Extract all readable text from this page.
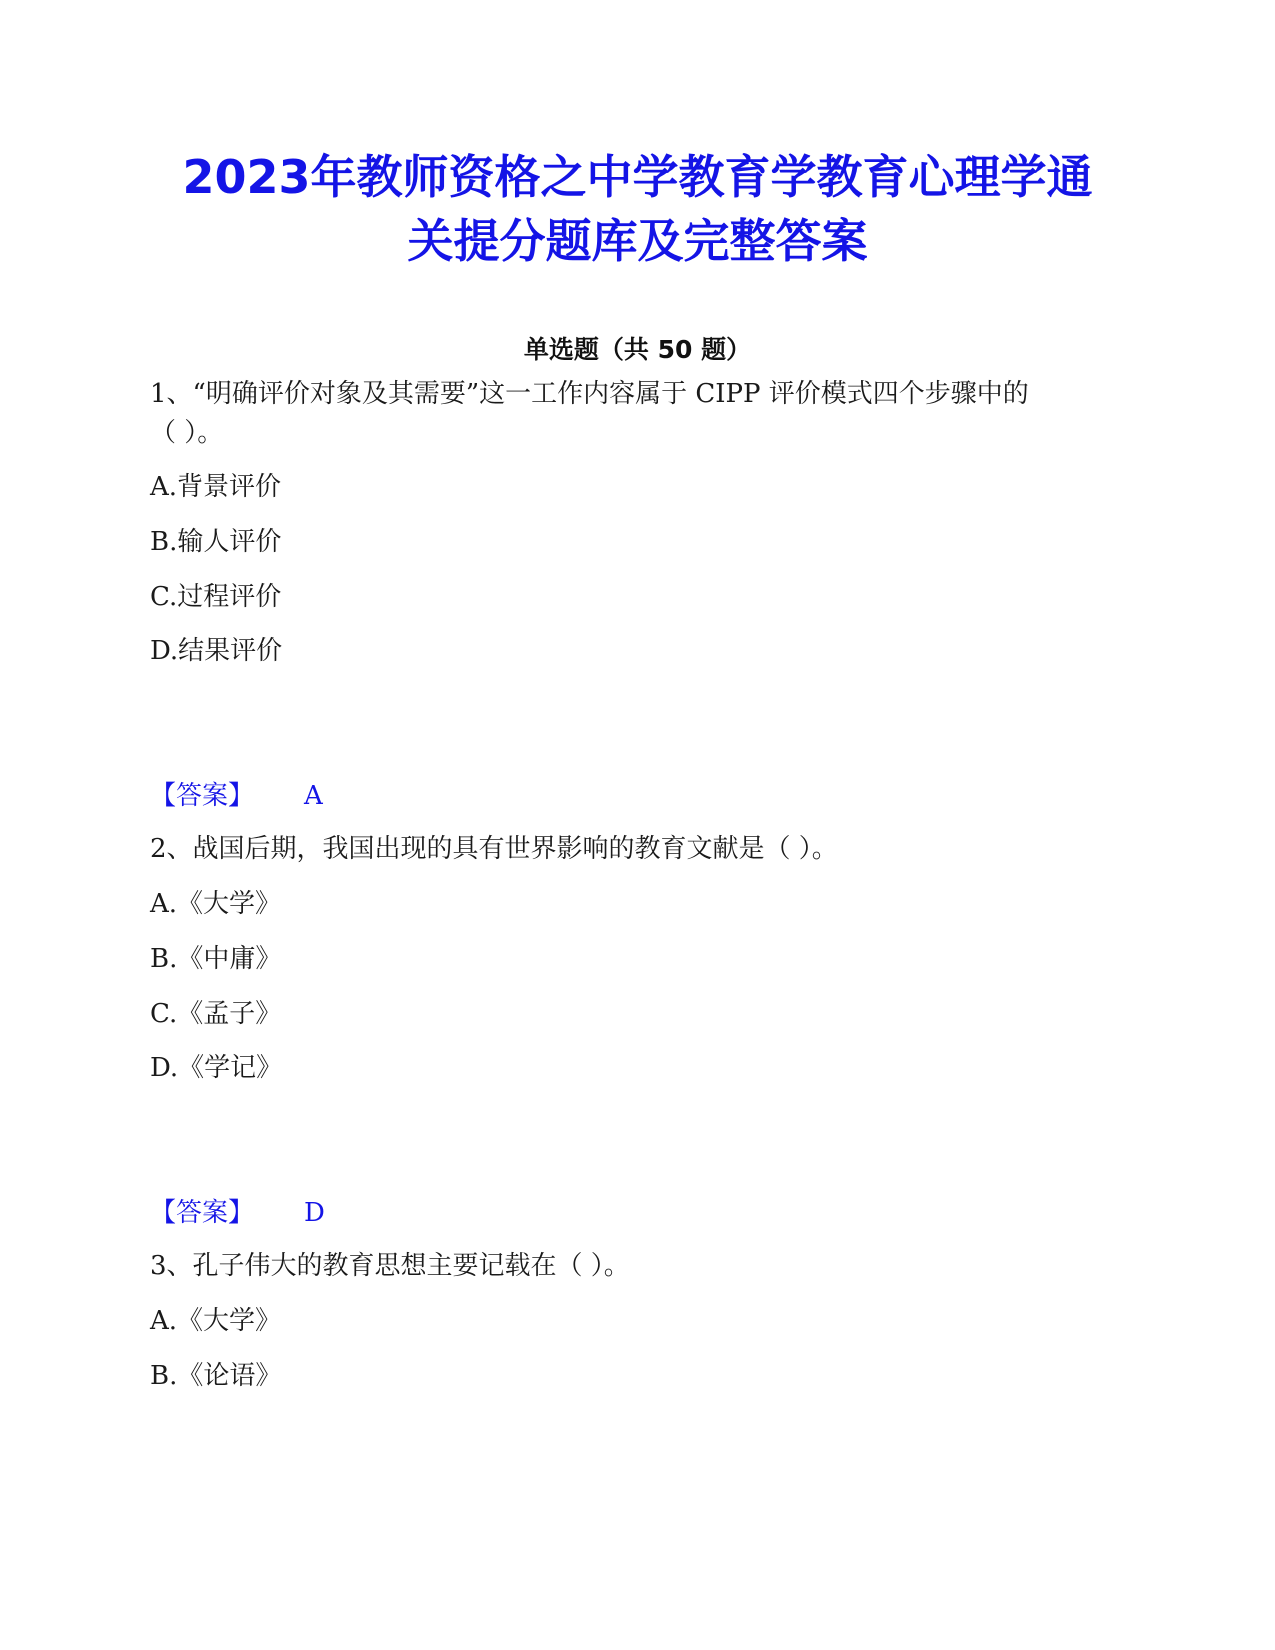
2023年教师资格之中学教育学教育心理学通
关提分题库及完整答案
单选题（共 50 题）
1、“明确评价对象及其需要”这一工作内容属于 CIPP 评价模式四个步骤中的
（ ）。
A.背景评价
B.输人评价
C.过程评价
D.结果评价
【答案】 A
2、战国后期，我国出现的具有世界影响的教育文献是（ ）。
A.《大学》
B.《中庸》
C.《孟子》
D.《学记》
【答案】 D
3、孔子伟大的教育思想主要记载在（ ）。
A.《大学》
B.《论语》
